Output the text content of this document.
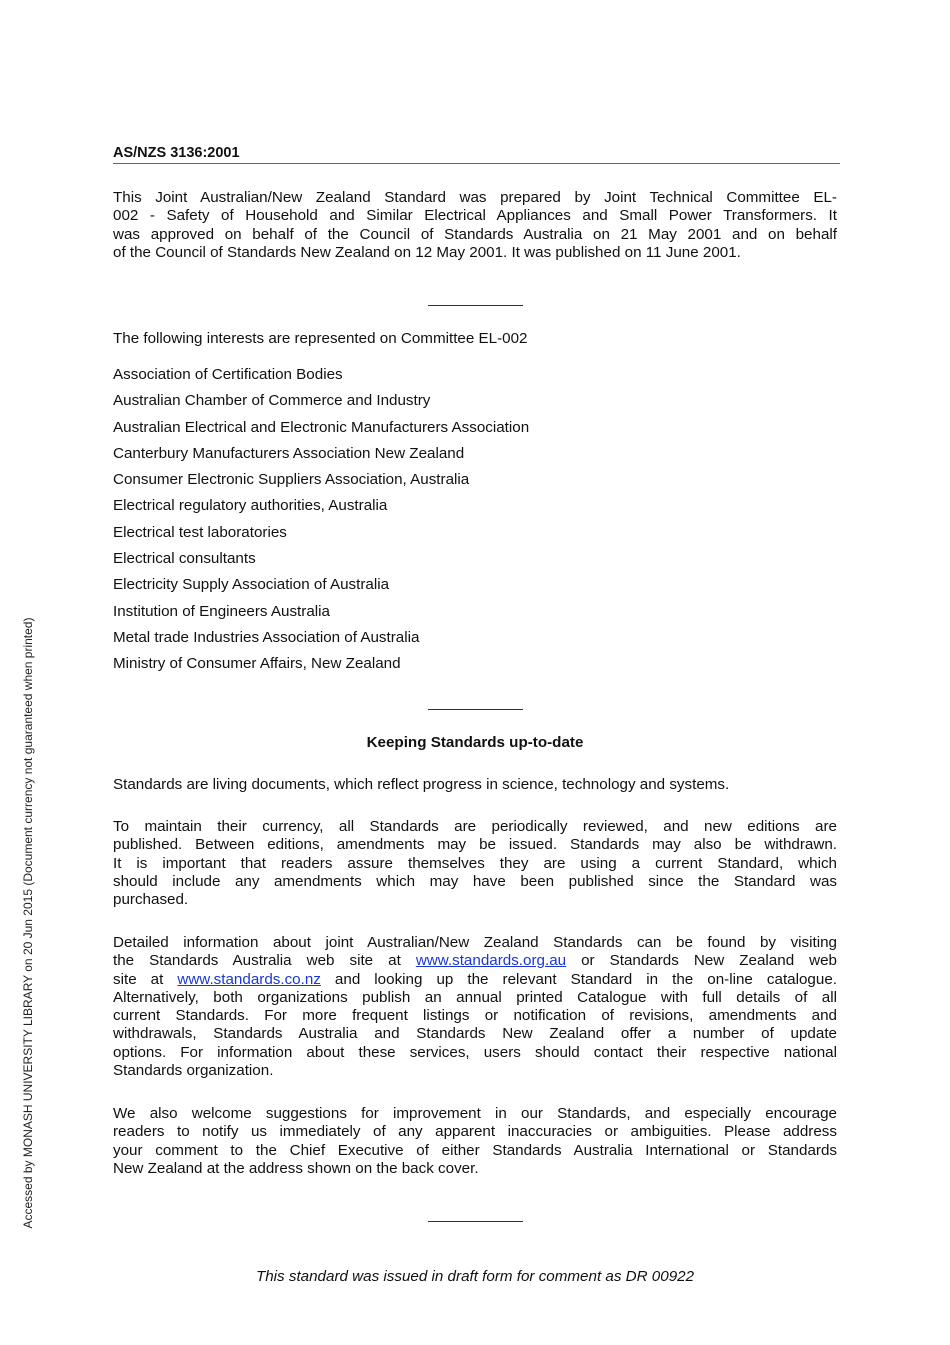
AS/NZS 3136:2001
This Joint Australian/New Zealand Standard was prepared by Joint Technical Committee EL-
002 - Safety of Household and Similar Electrical Appliances and Small Power Transformers. It
was approved on behalf of the Council of Standards Australia on 21 May 2001 and on behalf
of the Council of Standards New Zealand on 12 May 2001. It was published on 11 June 2001.
The following interests are represented on Committee EL-002
Association of Certification Bodies
Australian Chamber of Commerce and Industry
Australian Electrical and Electronic Manufacturers Association
Canterbury Manufacturers Association New Zealand
Consumer Electronic Suppliers Association, Australia
Electrical regulatory authorities, Australia
Electrical test laboratories
Electrical consultants
Electricity Supply Association of Australia
Institution of Engineers Australia
Metal trade Industries Association of Australia
Ministry of Consumer Affairs, New Zealand
Keeping Standards up-to-date
Standards are living documents, which reflect progress in science, technology and systems.
To maintain their currency, all Standards are periodically reviewed, and new editions are
published. Between editions, amendments may be issued. Standards may also be withdrawn.
It is important that readers assure themselves they are using a current Standard, which
should include any amendments which may have been published since the Standard was
purchased.
Detailed information about joint Australian/New Zealand Standards can be found by visiting
the Standards Australia web site at www.standards.org.au or Standards New Zealand web
site at www.standards.co.nz and looking up the relevant Standard in the on-line catalogue.
Alternatively, both organizations publish an annual printed Catalogue with full details of all
current Standards. For more frequent listings or notification of revisions, amendments and
withdrawals, Standards Australia and Standards New Zealand offer a number of update
options. For information about these services, users should contact their respective national
Standards organization.
We also welcome suggestions for improvement in our Standards, and especially encourage
readers to notify us immediately of any apparent inaccuracies or ambiguities. Please address
your comment to the Chief Executive of either Standards Australia International or Standards
New Zealand at the address shown on the back cover.
This standard was issued in draft form for comment as DR 00922
Accessed by MONASH UNIVERSITY LIBRARY on 20 Jun 2015 (Document currency not guaranteed when printed)
